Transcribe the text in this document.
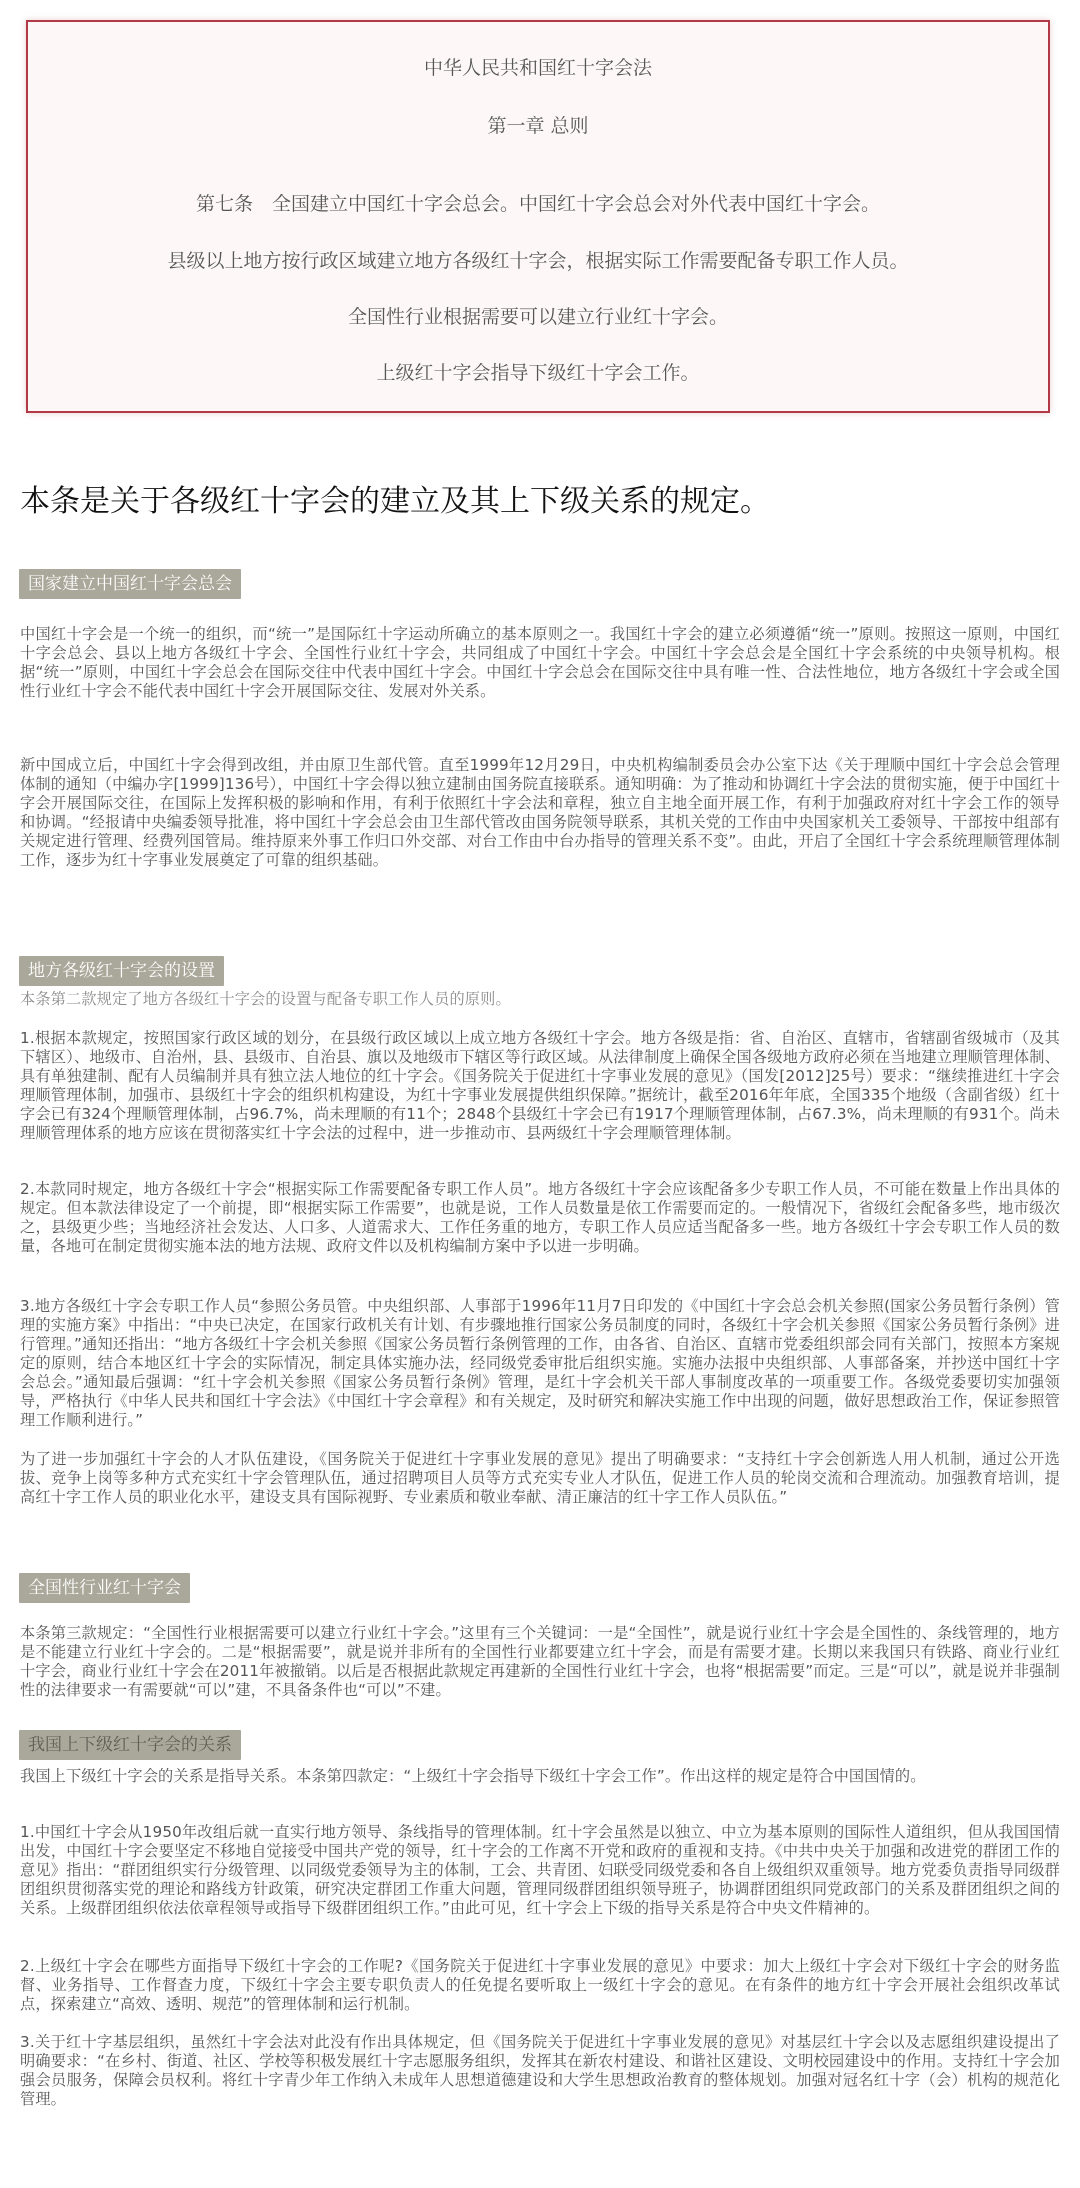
中华人民共和国红十字会法
第一章 总则
第七条　全国建立中国红十字会总会。中国红十字会总会对外代表中国红十字会。
县级以上地方按行政区域建立地方各级红十字会，根据实际工作需要配备专职工作人员。
全国性行业根据需要可以建立行业红十字会。
上级红十字会指导下级红十字会工作。
本条是关于各级红十字会的建立及其上下级关系的规定。
国家建立中国红十字会总会

中国红十字会是一个统一的组织，而“统一”是国际红十字运动所确立的基本原则之一。我国红十字会的建立必须遵循“统一”原则。按照这一原则，中国红十字会总会、县以上地方各级红十字会、全国性行业红十字会，共同组成了中国红十字会。中国红十字会总会是全国红十字会系统的中央领导机构。根据“统一”原则，中国红十字会总会在国际交往中代表中国红十字会。中国红十字会总会在国际交往中具有唯一性、合法性地位，地方各级红十字会或全国性行业红十字会不能代表中国红十字会开展国际交往、发展对外关系。

新中国成立后，中国红十字会得到改组，并由原卫生部代管。直至1999年12月29日，中央机构编制委员会办公室下达《关于理顺中国红十字会总会管理体制的通知（中编办字[1999]136号），中国红十字会得以独立建制由国务院直接联系。通知明确：为了推动和协调红十字会法的贯彻实施，便于中国红十字会开展国际交往，在国际上发挥积极的影响和作用，有利于依照红十字会法和章程，独立自主地全面开展工作，有利于加强政府对红十字会工作的领导和协调。“经报请中央编委领导批准，将中国红十字会总会由卫生部代管改由国务院领导联系，其机关党的工作由中央国家机关工委领导、干部按中组部有关规定进行管理、经费列国管局。维持原来外事工作归口外交部、对台工作由中台办指导的管理关系不变”。由此，开启了全国红十字会系统理顺管理体制工作，逐步为红十字事业发展奠定了可靠的组织基础。

地方各级红十字会的设置

本条第二款规定了地方各级红十字会的设置与配备专职工作人员的原则。

1.根据本款规定，按照国家行政区域的划分，在县级行政区域以上成立地方各级红十字会。地方各级是指：省、自治区、直辖市，省辖副省级城市（及其下辖区）、地级市、自治州，县、县级市、自治县、旗以及地级市下辖区等行政区域。从法律制度上确保全国各级地方政府必须在当地建立理顺管理体制、具有单独建制、配有人员编制并具有独立法人地位的红十字会。《国务院关于促进红十字事业发展的意见》（国发[2012]25号）要求：“继续推进红十字会理顺管理体制，加强市、县级红十字会的组织机构建设，为红十字事业发展提供组织保障。”据统计，截至2016年年底，全国335个地级（含副省级）红十字会已有324个理顺管理体制，占96.7%，尚未理顺的有11个；2848个县级红十字会已有1917个理顺管理体制，占67.3%，尚未理顺的有931个。尚未理顺管理体系的地方应该在贯彻落实红十字会法的过程中，进一步推动市、县两级红十字会理顺管理体制。

2.本款同时规定，地方各级红十字会“根据实际工作需要配备专职工作人员”。地方各级红十字会应该配备多少专职工作人员，不可能在数量上作出具体的规定。但本款法律设定了一个前提，即“根据实际工作需要”，也就是说，工作人员数量是依工作需要而定的。一般情况下，省级红会配备多些，地市级次之，县级更少些；当地经济社会发达、人口多、人道需求大、工作任务重的地方，专职工作人员应适当配备多一些。地方各级红十字会专职工作人员的数量，各地可在制定贯彻实施本法的地方法规、政府文件以及机构编制方案中予以进一步明确。

3.地方各级红十字会专职工作人员“参照公务员管。中央组织部、人事部于1996年11月7日印发的《中国红十字会总会机关参照(国家公务员暂行条例）管理的实施方案》中指出：“中央已决定，在国家行政机关有计划、有步骤地推行国家公务员制度的同时，各级红十字会机关参照《国家公务员暂行条例》进行管理。”通知还指出：“地方各级红十字会机关参照《国家公务员暂行条例管理的工作，由各省、自治区、直辖市党委组织部会同有关部门，按照本方案规定的原则，结合本地区红十字会的实际情况，制定具体实施办法，经同级党委审批后组织实施。实施办法报中央组织部、人事部备案，并抄送中国红十字会总会。”通知最后强调：“红十字会机关参照《国家公务员暂行条例》管理，是红十字会机关干部人事制度改革的一项重要工作。各级党委要切实加强领导，严格执行《中华人民共和国红十字会法》《中国红十字会章程》和有关规定，及时研究和解决实施工作中出现的问题，做好思想政治工作，保证参照管理工作顺利进行。”

为了进一步加强红十字会的人才队伍建设，《国务院关于促进红十字事业发展的意见》提出了明确要求：“支持红十字会创新选人用人机制，通过公开选拔、竞争上岗等多种方式充实红十字会管理队伍，通过招聘项目人员等方式充实专业人才队伍，促进工作人员的轮岗交流和合理流动。加强教育培训，提高红十字工作人员的职业化水平，建设支具有国际视野、专业素质和敬业奉献、清正廉洁的红十字工作人员队伍。”

全国性行业红十字会

本条第三款规定：“全国性行业根据需要可以建立行业红十字会。”这里有三个关键词：一是“全国性”，就是说行业红十字会是全国性的、条线管理的，地方是不能建立行业红十字会的。二是“根据需要”，就是说并非所有的全国性行业都要建立红十字会，而是有需要才建。长期以来我国只有铁路、商业行业红十字会，商业行业红十字会在2011年被撤销。以后是否根据此款规定再建新的全国性行业红十字会，也将“根据需要”而定。三是“可以”，就是说并非强制性的法律要求一有需要就“可以”建，不具备条件也“可以”不建。

我国上下级红十字会的关系

我国上下级红十字会的关系是指导关系。本条第四款定：“上级红十字会指导下级红十字会工作”。作出这样的规定是符合中国国情的。

1.中国红十字会从1950年改组后就一直实行地方领导、条线指导的管理体制。红十字会虽然是以独立、中立为基本原则的国际性人道组织，但从我国国情出发，中国红十字会要坚定不移地自觉接受中国共产党的领导，红十字会的工作离不开党和政府的重视和支持。《中共中央关于加强和改进党的群团工作的意见》指出：“群团组织实行分级管理、以同级党委领导为主的体制，工会、共青团、妇联受同级党委和各自上级组织双重领导。地方党委负责指导同级群团组织贯彻落实党的理论和路线方针政策，研究决定群团工作重大问题，管理同级群团组织领导班子，协调群团组织同党政部门的关系及群团组织之间的关系。上级群团组织依法依章程领导或指导下级群团组织工作。”由此可见，红十字会上下级的指导关系是符合中央文件精神的。

2.上级红十字会在哪些方面指导下级红十字会的工作呢?《国务院关于促进红十字事业发展的意见》中要求：加大上级红十字会对下级红十字会的财务监督、业务指导、工作督查力度，下级红十字会主要专职负责人的任免提名要听取上一级红十字会的意见。在有条件的地方红十字会开展社会组织改革试点，探索建立“高效、透明、规范”的管理体制和运行机制。

3.关于红十字基层组织，虽然红十字会法对此没有作出具体规定，但《国务院关于促进红十字事业发展的意见》对基层红十字会以及志愿组织建设提出了明确要求：“在乡村、街道、社区、学校等积极发展红十字志愿服务组织，发挥其在新农村建设、和谐社区建设、文明校园建设中的作用。支持红十字会加强会员服务，保障会员权利。将红十字青少年工作纳入未成年人思想道德建设和大学生思想政治教育的整体规划。加强对冠名红十字（会）机构的规范化管理。
